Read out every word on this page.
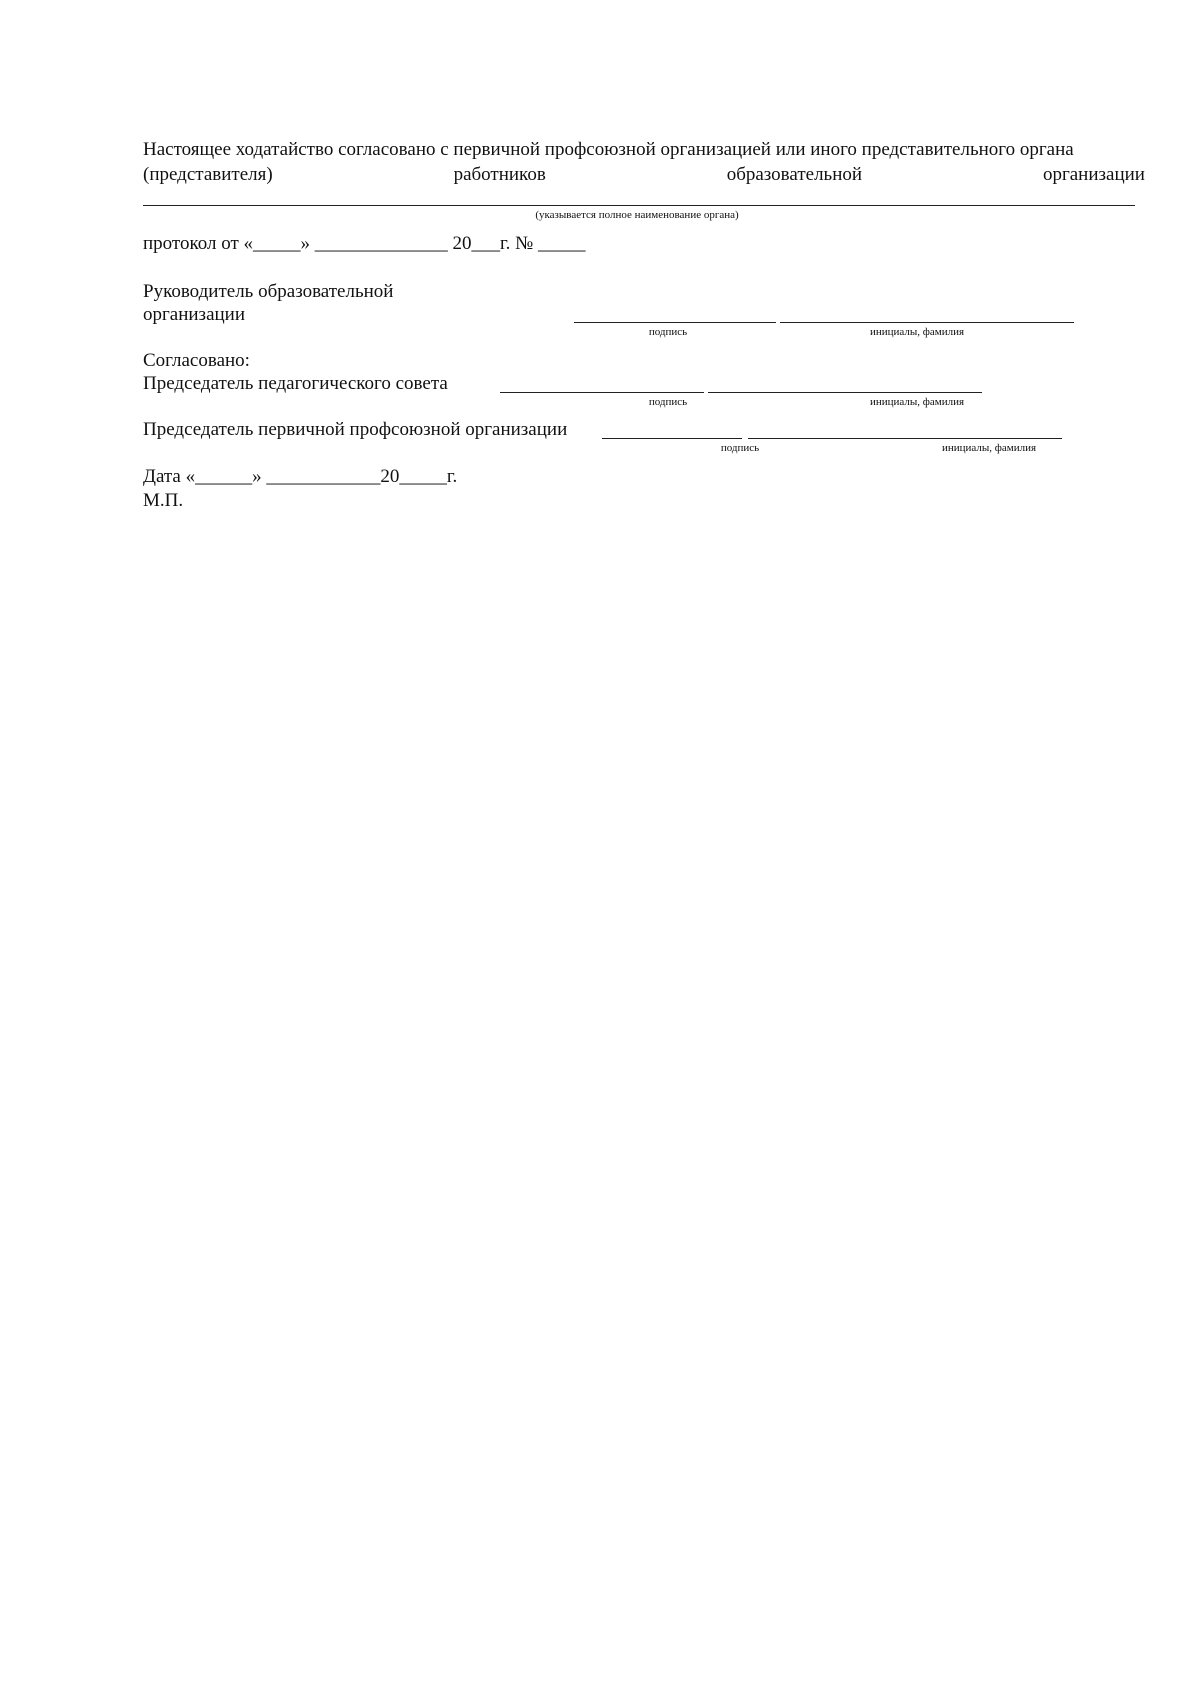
Настоящее ходатайство согласовано с первичной профсоюзной организацией или иного представительного органа
(представителя)	работников	образовательной	организации
(указывается полное наименование органа)
протокол от «_____» ______________ 20___г. № _____
Руководитель образовательной
организации
подпись	инициалы, фамилия
Согласовано:
Председатель педагогического совета
подпись	инициалы, фамилия
Председатель первичной профсоюзной организации
подпись	инициалы, фамилия
Дата «______» ____________20_____г.
М.П.
